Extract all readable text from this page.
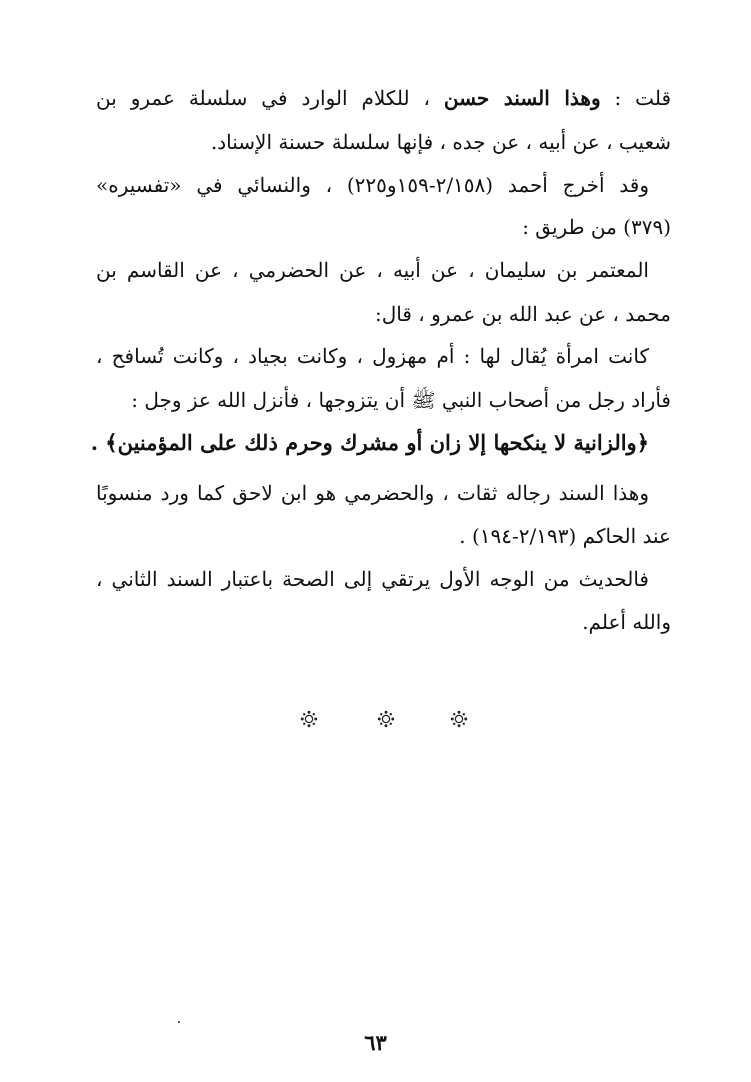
قلت : وهذا السند حسن ، للكلام الوارد في سلسلة عمرو بن
شعيب ، عن أبيه ، عن جده ، فإنها سلسلة حسنة الإسناد.
وقد أخرج أحمد (٢/١٥٨-١٥٩و٢٢٥) ، والنسائي في «تفسيره»
(٣٧٩) من طريق :
المعتمر بن سليمان ، عن أبيه ، عن الحضرمي ، عن القاسم بن
محمد ، عن عبد الله بن عمرو ، قال:
كانت امرأة يُقال لها : أم مهزول ، وكانت بجياد ، وكانت تُسافح ،
فأراد رجل من أصحاب النبي ﷺ أن يتزوجها ، فأنزل الله عز وجل :
﴿والزانية لا ينكحها إلا زان أو مشرك وحرم ذلك على المؤمنين﴾ .
وهذا السند رجاله ثقات ، والحضرمي هو ابن لاحق كما ورد منسوبًا
عند الحاكم (٢/١٩٣-١٩٤) .
فالحديث من الوجه الأول يرتقي إلى الصحة باعتبار السند الثاني ،
والله أعلم.
٦٣
